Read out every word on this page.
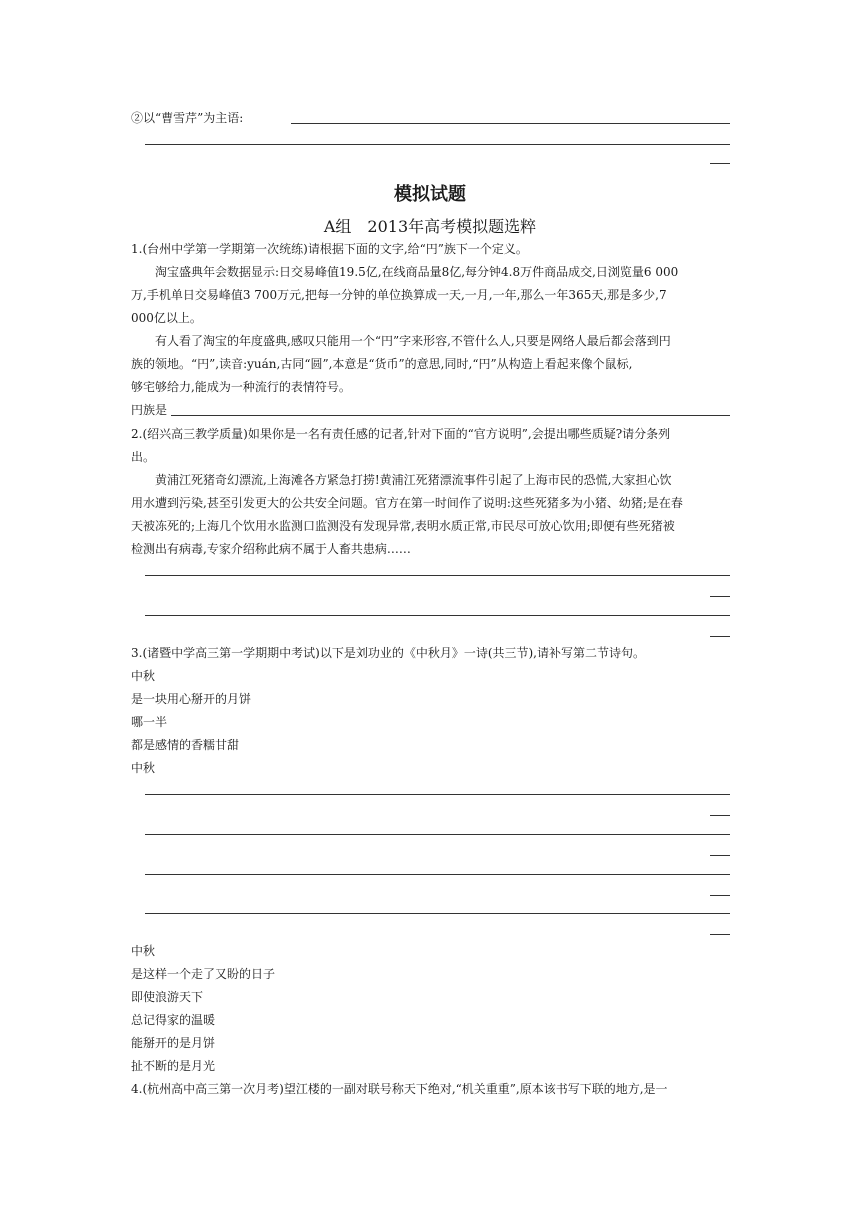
②以“曹雪芹”为主语:
模拟试题
A组　2013年高考模拟题选粹
1.(台州中学第一学期第一次统练)请根据下面的文字,给“円”族下一个定义。
淘宝盛典年会数据显示:日交易峰值19.5亿,在线商品量8亿,每分钟4.8万件商品成交,日浏览量6 000
万,手机单日交易峰值3 700万元,把每一分钟的单位换算成一天,一月,一年,那么一年365天,那是多少,7
000亿以上。
有人看了淘宝的年度盛典,感叹只能用一个“円”字来形容,不管什么人,只要是网络人最后都会落到円
族的领地。“円”,读音:yuán,古同“圆”,本意是“货币”的意思,同时,“円”从构造上看起来像个鼠标,
够宅够给力,能成为一种流行的表情符号。
円族是
2.(绍兴高三教学质量)如果你是一名有责任感的记者,针对下面的“官方说明”,会提出哪些质疑?请分条列
出。
黄浦江死猪奇幻漂流,上海滩各方紧急打捞!黄浦江死猪漂流事件引起了上海市民的恐慌,大家担心饮
用水遭到污染,甚至引发更大的公共安全问题。官方在第一时间作了说明:这些死猪多为小猪、幼猪;是在春
天被冻死的;上海几个饮用水监测口监测没有发现异常,表明水质正常,市民尽可放心饮用;即便有些死猪被
检测出有病毒,专家介绍称此病不属于人畜共患病……
3.(诸暨中学高三第一学期期中考试)以下是刘功业的《中秋月》一诗(共三节),请补写第二节诗句。
中秋
是一块用心掰开的月饼
哪一半
都是感情的香糯甘甜
中秋
中秋
是这样一个走了又盼的日子
即使浪游天下
总记得家的温暖
能掰开的是月饼
扯不断的是月光
4.(杭州高中高三第一次月考)望江楼的一副对联号称天下绝对,“机关重重”,原本该书写下联的地方,是一
